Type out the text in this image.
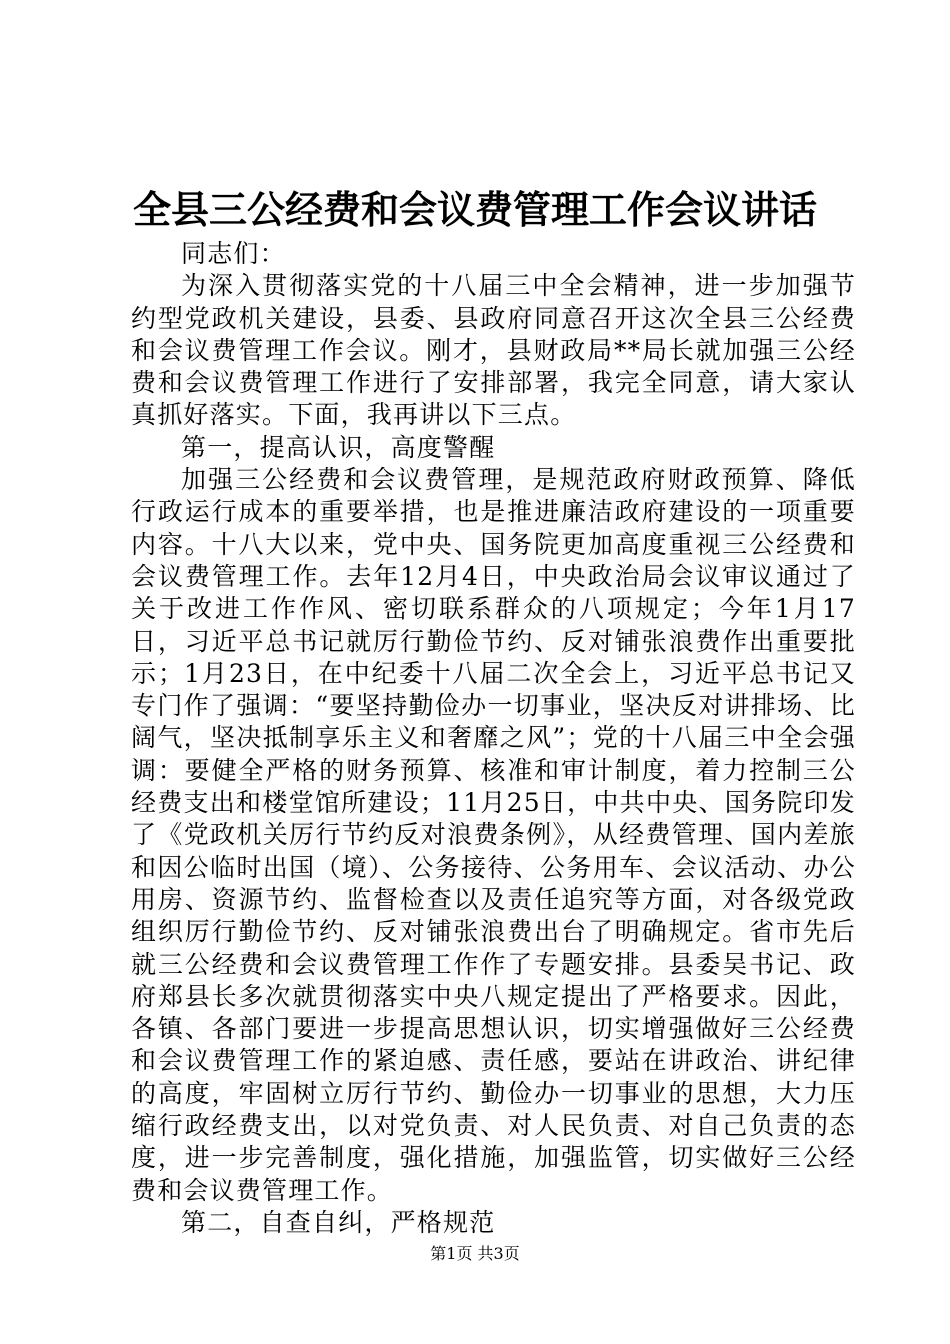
全县三公经费和会议费管理工作会议讲话

同志们：

为深入贯彻落实党的十八届三中全会精神，进一步加强节约型党政机关建设，县委、县政府同意召开这次全县三公经费和会议费管理工作会议。刚才，县财政局**局长就加强三公经费和会议费管理工作进行了安排部署，我完全同意，请大家认真抓好落实。下面，我再讲以下三点。

第一，提高认识，高度警醒

加强三公经费和会议费管理，是规范政府财政预算、降低行政运行成本的重要举措，也是推进廉洁政府建设的一项重要内容。十八大以来，党中央、国务院更加高度重视三公经费和会议费管理工作。去年12月4日，中央政治局会议审议通过了关于改进工作作风、密切联系群众的八项规定；今年1月17日，习近平总书记就厉行勤俭节约、反对铺张浪费作出重要批示；1月23日，在中纪委十八届二次全会上，习近平总书记又专门作了强调：“要坚持勤俭办一切事业，坚决反对讲排场、比阔气，坚决抵制享乐主义和奢靡之风”；党的十八届三中全会强调：要健全严格的财务预算、核准和审计制度，着力控制三公经费支出和楼堂馆所建设；11月25日，中共中央、国务院印发了《党政机关厉行节约反对浪费条例》，从经费管理、国内差旅和因公临时出国（境）、公务接待、公务用车、会议活动、办公用房、资源节约、监督检查以及责任追究等方面，对各级党政组织厉行勤俭节约、反对铺张浪费出台了明确规定。省市先后就三公经费和会议费管理工作作了专题安排。县委吴书记、政府郑县长多次就贯彻落实中央八规定提出了严格要求。因此，各镇、各部门要进一步提高思想认识，切实增强做好三公经费和会议费管理工作的紧迫感、责任感，要站在讲政治、讲纪律的高度，牢固树立厉行节约、勤俭办一切事业的思想，大力压缩行政经费支出，以对党负责、对人民负责、对自己负责的态度，进一步完善制度，强化措施，加强监管，切实做好三公经费和会议费管理工作。

第二，自查自纠，严格规范

第1页 共3页
